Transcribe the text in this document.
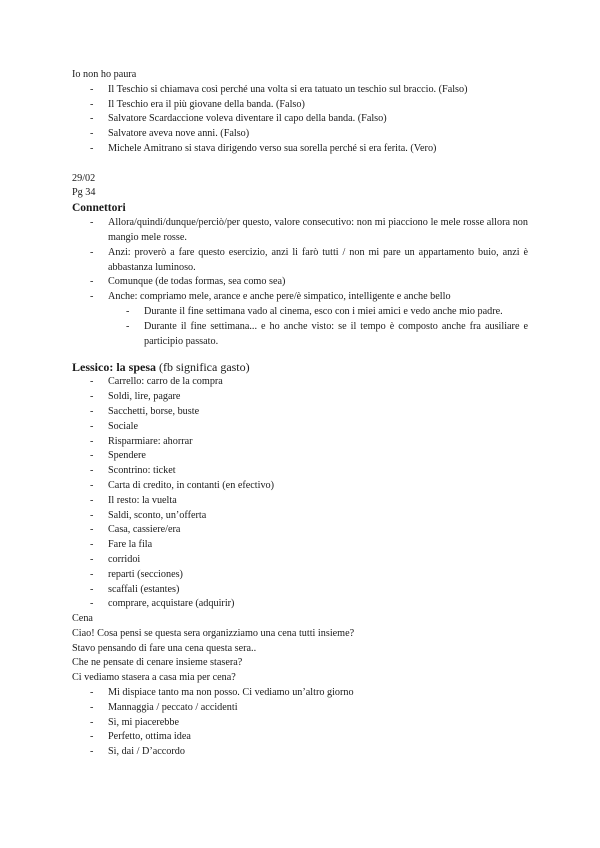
Io non ho paura

- Il Teschio si chiamava così perché una volta si era tatuato un teschio sul braccio. (Falso)
- Il Teschio era il più giovane della banda. (Falso)
- Salvatore Scardaccione voleva diventare il capo della banda. (Falso)
- Salvatore aveva nove anni. (Falso)
- Michele Amitrano si stava dirigendo verso sua sorella perché si era ferita. (Vero)

29/02

Pg 34

Connettori

- Allora/quindi/dunque/perciò/per questo, valore consecutivo: non mi piacciono le mele rosse allora non mangio mele rosse.
- Anzi: proverò a fare questo esercizio, anzi li farò tutti / non mi pare un appartamento buio, anzi è abbastanza luminoso.
- Comunque (de todas formas, sea como sea)
- Anche: compriamo mele, arance e anche pere/è simpatico, intelligente e anche bello
- Durante il fine settimana vado al cinema, esco con i miei amici e vedo anche mio padre.
- Durante il fine settimana... e ho anche visto: se il tempo è composto anche fra ausiliare e participio passato.

Lessico: la spesa (fb significa gasto)

- Carrello: carro de la compra
- Soldi, lire, pagare
- Sacchetti, borse, buste
- Sociale
- Risparmiare: ahorrar
- Spendere
- Scontrino: ticket
- Carta di credito, in contanti (en efectivo)
- Il resto: la vuelta
- Saldi, sconto, un’offerta
- Casa, cassiere/era
- Fare la fila
- corridoi
- reparti (secciones)
- scaffali (estantes)
- comprare, acquistare (adquirir)

Cena

Ciao! Cosa pensi se questa sera organizziamo una cena tutti insieme?

Stavo pensando di fare una cena questa sera..

Che ne pensate di cenare insieme stasera?

Ci vediamo stasera a casa mia per cena?

- Mi dispiace tanto ma non posso. Ci vediamo un’altro giorno
- Mannaggia / peccato / accidenti
- Sì, mi piacerebbe
- Perfetto, ottima idea
- Sì, dai / D’accordo
